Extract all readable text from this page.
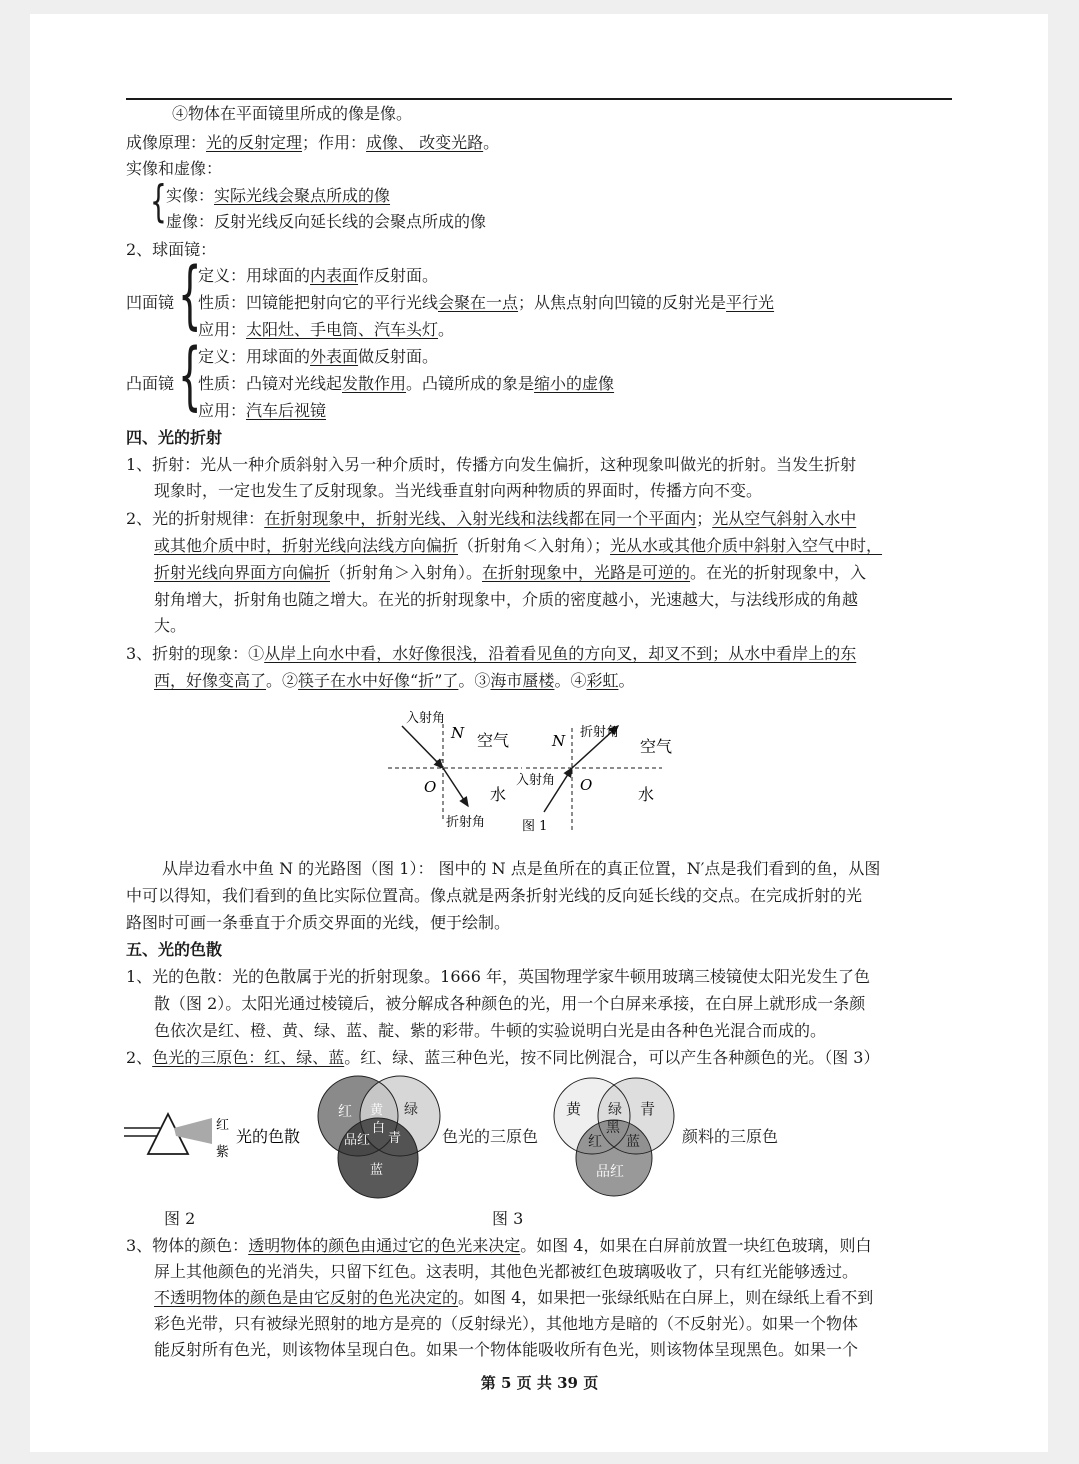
④物体在平面镜里所成的像是像。
成像原理：光的反射定理；作用：成像、 改变光路。
实像和虚像：
{ 实像：实际光线会聚点所成的像
虚像：反射光线反向延长线的会聚点所成的像
2、球面镜：
凹面镜 {
定义：用球面的内表面作反射面。
性质：凹镜能把射向它的平行光线会聚在一点；从焦点射向凹镜的反射光是平行光
应用：太阳灶、手电筒、汽车头灯。
凸面镜 {
定义：用球面的外表面做反射面。
性质：凸镜对光线起发散作用。凸镜所成的象是缩小的虚像
应用：汽车后视镜
四、光的折射
1、折射：光从一种介质斜射入另一种介质时，传播方向发生偏折，这种现象叫做光的折射。当发生折射
现象时，一定也发生了反射现象。当光线垂直射向两种物质的界面时，传播方向不变。
2、光的折射规律：在折射现象中，折射光线、入射光线和法线都在同一个平面内；光从空气斜射入水中
或其他介质中时，折射光线向法线方向偏折（折射角＜入射角）；光从水或其他介质中斜射入空气中时，
折射光线向界面方向偏折（折射角＞入射角）。在折射现象中，光路是可逆的。在光的折射现象中，入
射角增大，折射角也随之增大。在光的折射现象中，介质的密度越小，光速越大，与法线形成的角越
大。
3、折射的现象：①从岸上向水中看，水好像很浅，沿着看见鱼的方向叉，却叉不到；从水中看岸上的东
西，好像变高了。②筷子在水中好像“折”了。③海市蜃楼。④彩虹。
入射角
N 空气
O	水
折射角
折射角
N	空气
入射角 O	水
图 1
从岸边看水中鱼 N 的光路图（图 1）： 图中的 N 点是鱼所在的真正位置，N′点是我们看到的鱼，从图
中可以得知，我们看到的鱼比实际位置高。像点就是两条折射光线的反向延长线的交点。在完成折射的光
路图时可画一条垂直于介质交界面的光线，便于绘制。
五、光的色散
1、光的色散：光的色散属于光的折射现象。1666 年，英国物理学家牛顿用玻璃三棱镜使太阳光发生了色
散（图 2）。太阳光通过棱镜后，被分解成各种颜色的光，用一个白屏来承接，在白屏上就形成一条颜
色依次是红、橙、黄、绿、蓝、靛、紫的彩带。牛顿的实验说明白光是由各种色光混合而成的。
2、色光的三原色：红、绿、蓝。红、绿、蓝三种色光，按不同比例混合，可以产生各种颜色的光。（图 3）
红
紫
光的色散
红	绿
黄
白
品红 青
蓝
色光的三原色
黄	青
绿
红
黑
蓝
品红
颜料的三原色
图 2	图 3
3、物体的颜色：透明物体的颜色由通过它的色光来决定。如图 4，如果在白屏前放置一块红色玻璃，则白
屏上其他颜色的光消失，只留下红色。这表明，其他色光都被红色玻璃吸收了，只有红光能够透过。
不透明物体的颜色是由它反射的色光决定的。如图 4，如果把一张绿纸贴在白屏上，则在绿纸上看不到
彩色光带，只有被绿光照射的地方是亮的（反射绿光），其他地方是暗的（不反射光）。如果一个物体
能反射所有色光，则该物体呈现白色。如果一个物体能吸收所有色光，则该物体呈现黑色。如果一个
第 5 页 共 39 页
